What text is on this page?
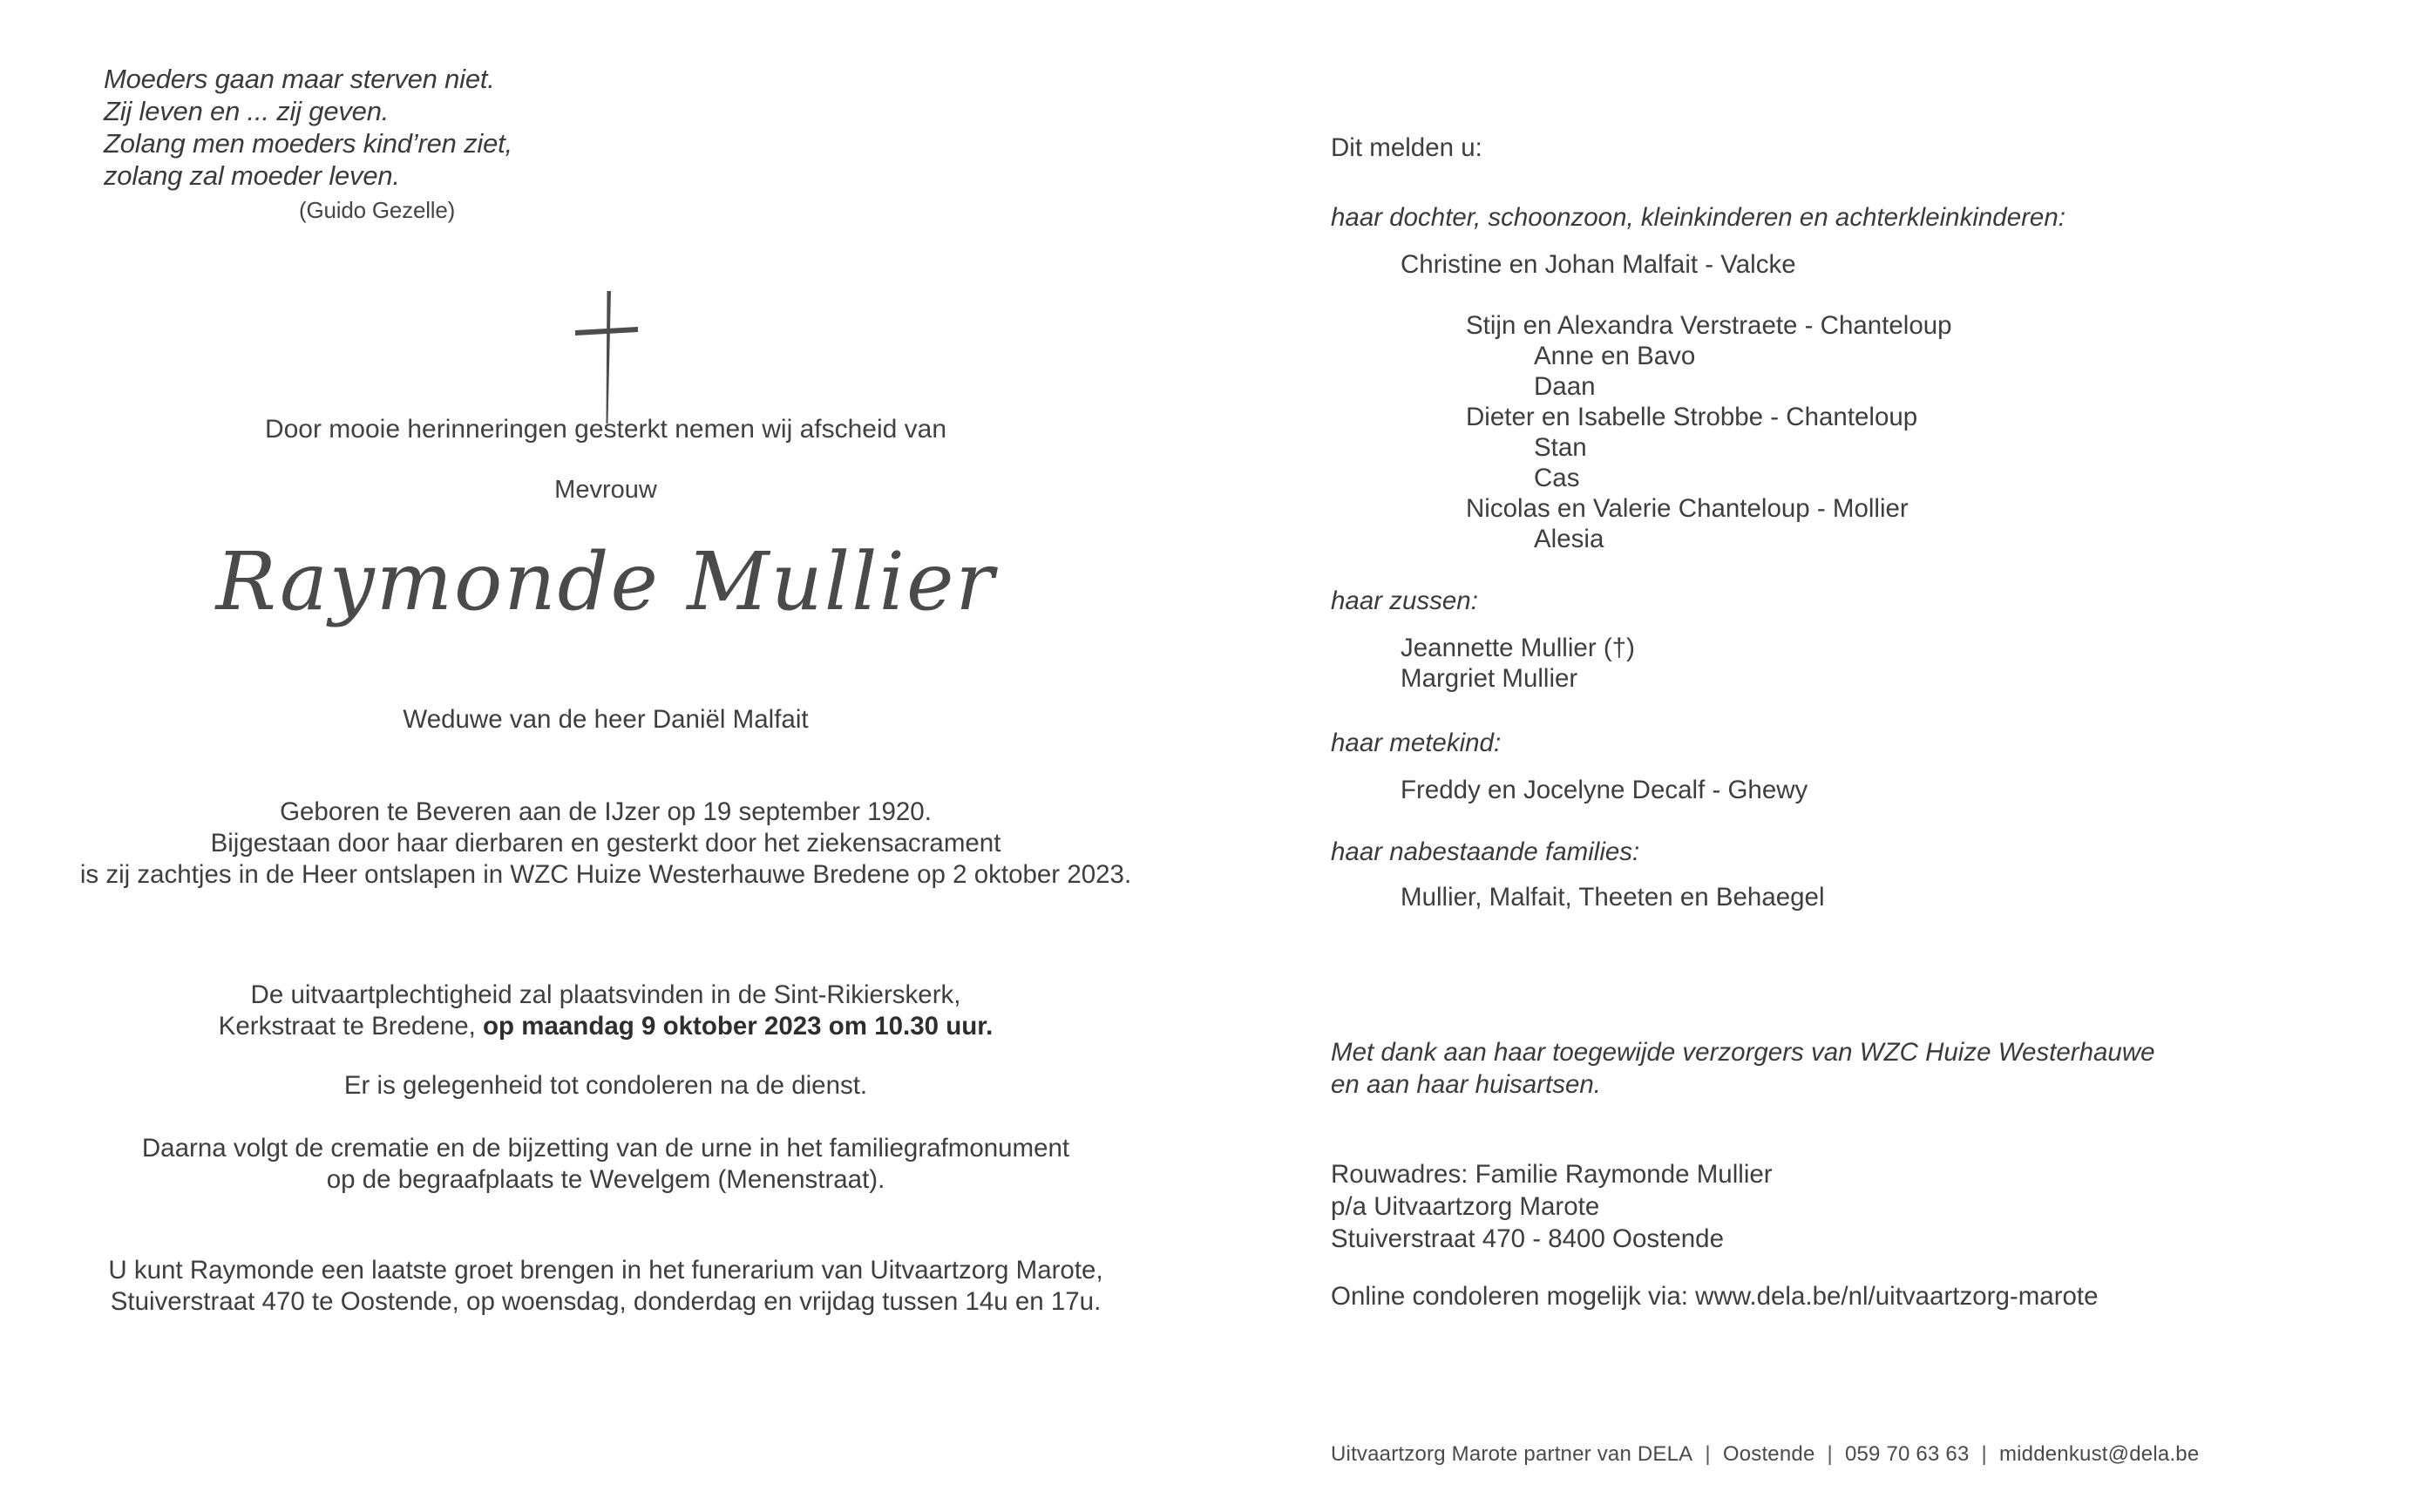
Moeders gaan maar sterven niet.
Zij leven en ... zij geven.
Zolang men moeders kind’ren ziet,
zolang zal moeder leven.
(Guido Gezelle)
Door mooie herinneringen gesterkt nemen wij afscheid van
Mevrouw
Raymonde Mullier
Weduwe van de heer Daniël Malfait
Geboren te Beveren aan de IJzer op 19 september 1920.
Bijgestaan door haar dierbaren en gesterkt door het ziekensacrament
is zij zachtjes in de Heer ontslapen in WZC Huize Westerhauwe Bredene op 2 oktober 2023.
De uitvaartplechtigheid zal plaatsvinden in de Sint-Rikierskerk,
Kerkstraat te Bredene, op maandag 9 oktober 2023 om 10.30 uur.
Er is gelegenheid tot condoleren na de dienst.
Daarna volgt de crematie en de bijzetting van de urne in het familiegrafmonument
op de begraafplaats te Wevelgem (Menenstraat).
U kunt Raymonde een laatste groet brengen in het funerarium van Uitvaartzorg Marote,
Stuiverstraat 470 te Oostende, op woensdag, donderdag en vrijdag tussen 14u en 17u.
Dit melden u:
haar dochter, schoonzoon, kleinkinderen en achterkleinkinderen:
Christine en Johan Malfait - Valcke
Stijn en Alexandra Verstraete - Chanteloup
Anne en Bavo
Daan
Dieter en Isabelle Strobbe - Chanteloup
Stan
Cas
Nicolas en Valerie Chanteloup - Mollier
Alesia
haar zussen:
Jeannette Mullier (†)
Margriet Mullier
haar metekind:
Freddy en Jocelyne Decalf - Ghewy
haar nabestaande families:
Mullier, Malfait, Theeten en Behaegel
Met dank aan haar toegewijde verzorgers van WZC Huize Westerhauwe
en aan haar huisartsen.
Rouwadres: Familie Raymonde Mullier
p/a Uitvaartzorg Marote
Stuiverstraat 470 - 8400 Oostende
Online condoleren mogelijk via: www.dela.be/nl/uitvaartzorg-marote
Uitvaartzorg Marote partner van DELA | Oostende | 059 70 63 63 | middenkust@dela.be
